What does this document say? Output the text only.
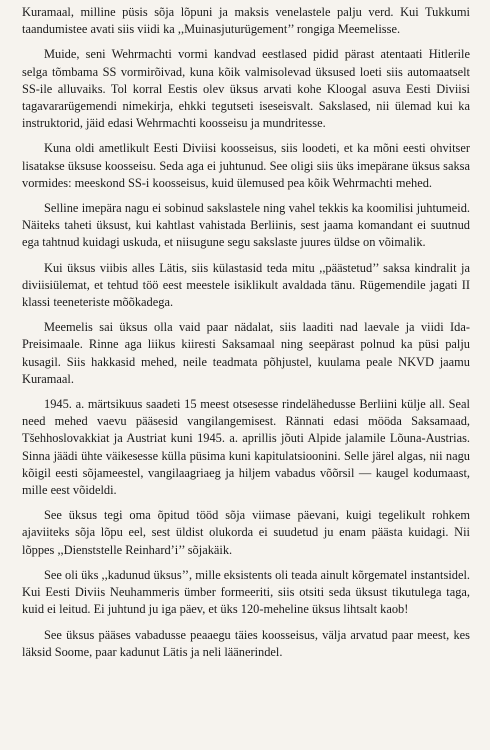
Kuramaal, milline püsis sõja lõpuni ja maksis venelastele palju verd. Kui Tukkumi taandumistee avati siis viidi ka ,,Muinasjuturügement’’ rongiga Meemelisse.

Muide, seni Wehrmachti vormi kandvad eestlased pidid pärast atentaati Hitlerile selga tõmbama SS vormirõivad, kuna kõik valmisolevad üksused loeti siis automaatselt SS-ile alluvaiks. Tol korral Eestis olev üksus arvati kohe Kloogal asuva Eesti Diviisi tagavararügemendi nimekirja, ehkki tegutseti iseseisvalt. Sakslased, nii ülemad kui ka instruktorid, jäid edasi Wehrmachti koosseisu ja mundritesse.

Kuna oldi ametlikult Eesti Diviisi koosseisus, siis loodeti, et ka mõni eesti ohvitser lisatakse üksuse koosseisu. Seda aga ei juhtunud. See oligi siis üks imepärane üksus saksa vormides: meeskond SS-i koosseisus, kuid ülemused pea kõik Wehrmachti mehed.

Selline imepära nagu ei sobinud sakslastele ning vahel tekkis ka koomilisi juhtumeid. Näiteks taheti üksust, kui kahtlast vahistada Berliinis, sest jaama komandant ei suutnud ega tahtnud kuidagi uskuda, et niisugune segu sakslaste juures üldse on võimalik.

Kui üksus viibis alles Lätis, siis külastasid teda mitu ,,päästetud’’ saksa kindralit ja diviisiülemat, et tehtud töö eest meestele isiklikult avaldada tänu. Rügemendile jagati II klassi teeneteriste mõõkadega.

Meemelis sai üksus olla vaid paar nädalat, siis laaditi nad laevale ja viidi Ida-Preisimaale. Rinne aga liikus kiiresti Saksamaal ning seepärast polnud ka püsi palju kusagil. Siis hakkasid mehed, neile teadmata põhjustel, kuulama peale NKVD jaamu Kuramaal.

1945. a. märtsikuus saadeti 15 meest otsesesse rindelähedusse Berliini külje all. Seal need mehed vaevu pääsesid vangilangemisest. Rännati edasi mööda Saksamaad, Tšehhoslovakkiat ja Austriat kuni 1945. a. aprillis jõuti Alpide jalamile Lõuna-Austrias. Sinna jäädi ühte väikesesse külla püsima kuni kapitulatsioonini. Selle järel algas, nii nagu kõigil eesti sõjameestel, vangilaagriaeg ja hiljem vabadus võõrsil — kaugel kodumaast, mille eest võideldi.

See üksus tegi oma õpitud tööd sõja viimase päevani, kuigi tegelikult rohkem ajaviiteks sõja lõpu eel, sest üldist olukorda ei suudetud ju enam päästa kuidagi. Nii lõppes ,,Dienststelle Reinhard’i’’ sõjakäik.

See oli üks ,,kadunud üksus’’, mille eksistents oli teada ainult kõrgematel instantsidel. Kui Eesti Diviis Neuhammeris ümber formeeriti, siis otsiti seda üksust tikutulega taga, kuid ei leitud. Ei juhtund ju iga päev, et üks 120-meheline üksus lihtsalt kaob!

See üksus pääses vabadusse peaaegu täies koosseisus, välja arvatud paar meest, kes läksid Soome, paar kadunut Lätis ja neli läänerindel.
